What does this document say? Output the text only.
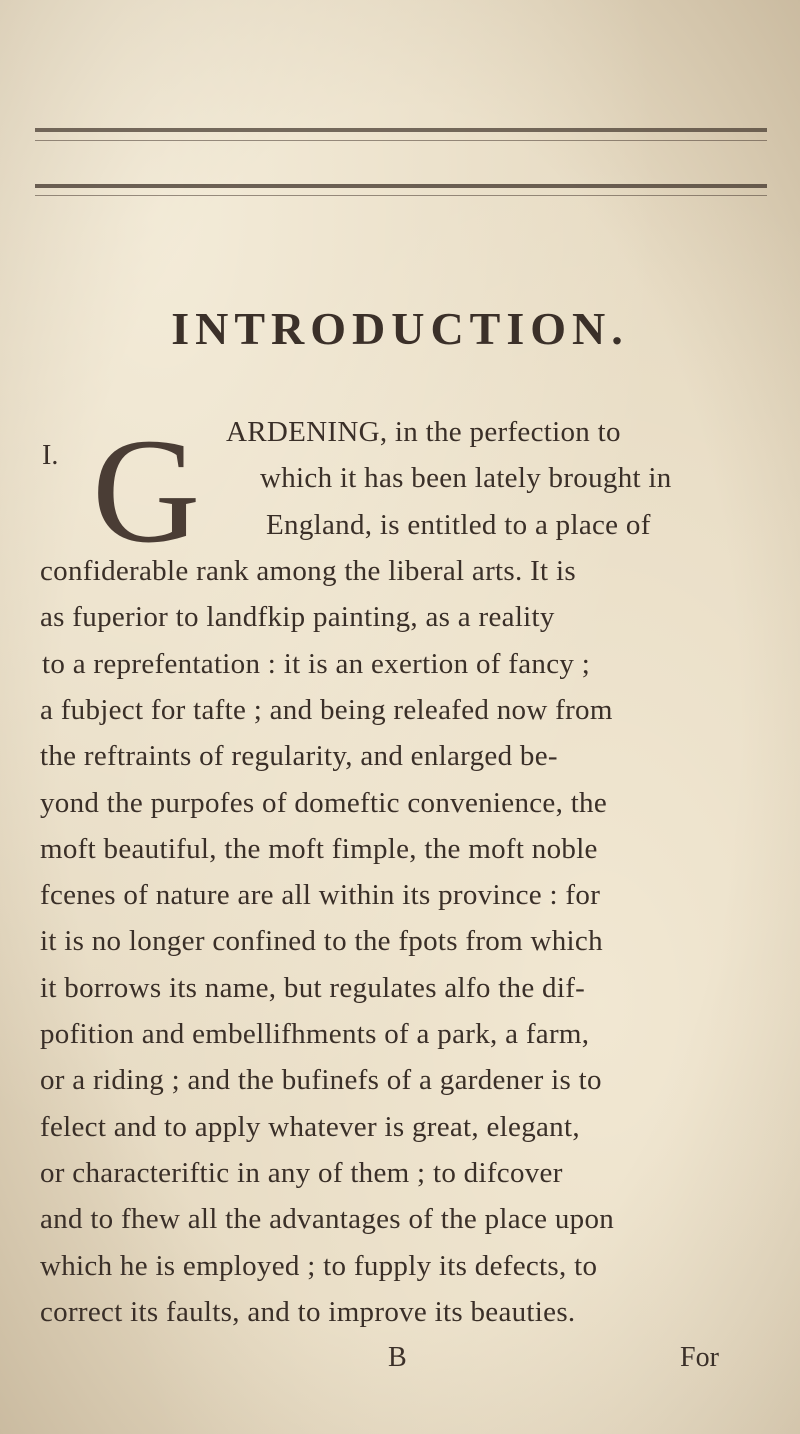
INTRODUCTION.
I. G ARDENING, in the perfection to
which it has been lately brought in
England, is entitled to a place of
confiderable rank among the liberal arts. It is
as fuperior to landfkip painting, as a reality
to a reprefentation : it is an exertion of fancy ;
a fubject for tafte ; and being releafed now from
the reftraints of regularity, and enlarged be-
yond the purpofes of domeftic convenience, the
moft beautiful, the moft fimple, the moft noble
fcenes of nature are all within its province : for
it is no longer confined to the fpots from which
it borrows its name, but regulates alfo the dif-
pofition and embellifhments of a park, a farm,
or a riding ; and the bufinefs of a gardener is to
felect and to apply whatever is great, elegant,
or characteriftic in any of them ; to difcover
and to fhew all the advantages of the place upon
which he is employed ; to fupply its defects, to
correct its faults, and to improve its beauties.
B	For
